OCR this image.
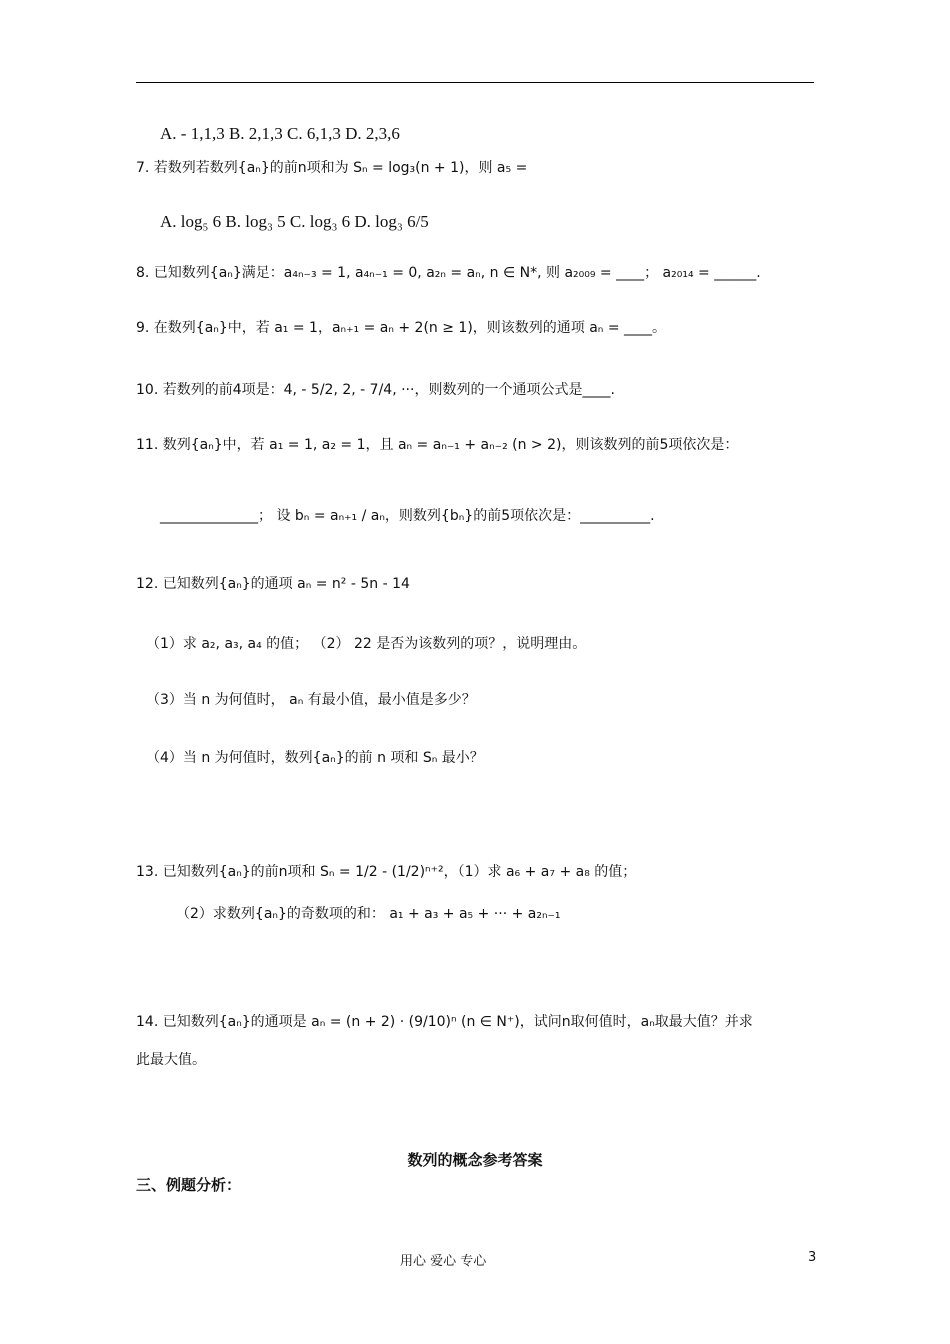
A. - 1,1,3 B. 2,1,3 C. 6,1,3 D. 2,3,6
7. 若数列若数列{aₙ}的前n项和为 Sₙ = log₃(n + 1)，则 a₅ =
A. log₅ 6 B. log₃ 5 C. log₃ 6 D. log₃ 6/5
8. 已知数列{aₙ}满足：a₄ₙ₋₃ = 1, a₄ₙ₋₁ = 0, a₂ₙ = aₙ, n ∈ N*, 则 a₂₀₀₉ = ____； a₂₀₁₄ = ______.
9. 在数列{aₙ}中，若 a₁ = 1，aₙ₊₁ = aₙ + 2(n ≥ 1)，则该数列的通项 aₙ = ____。
10. 若数列的前4项是：4, - 5/2, 2, - 7/4, ···，则数列的一个通项公式是____.
11. 数列{aₙ}中，若 a₁ = 1, a₂ = 1，且 aₙ = aₙ₋₁ + aₙ₋₂ (n > 2)，则该数列的前5项依次是：
______________； 设 bₙ = aₙ₊₁ / aₙ，则数列{bₙ}的前5项依次是：__________.
12. 已知数列{aₙ}的通项 aₙ = n² - 5n - 14
（1）求 a₂, a₃, a₄ 的值； （2） 22 是否为该数列的项？，说明理由。
（3）当 n 为何值时， aₙ 有最小值，最小值是多少？
（4）当 n 为何值时，数列{aₙ}的前 n 项和 Sₙ 最小？
13. 已知数列{aₙ}的前n项和 Sₙ = 1/2 - (1/2)ⁿ⁺²，（1）求 a₆ + a₇ + a₈ 的值；
（2）求数列{aₙ}的奇数项的和： a₁ + a₃ + a₅ + ··· + a₂ₙ₋₁
14. 已知数列{aₙ}的通项是 aₙ = (n + 2) · (9/10)ⁿ (n ∈ N⁺)，试问n取何值时，aₙ取最大值？并求
此最大值。
数列的概念参考答案
三、例题分析：
用心 爱心 专心	3
